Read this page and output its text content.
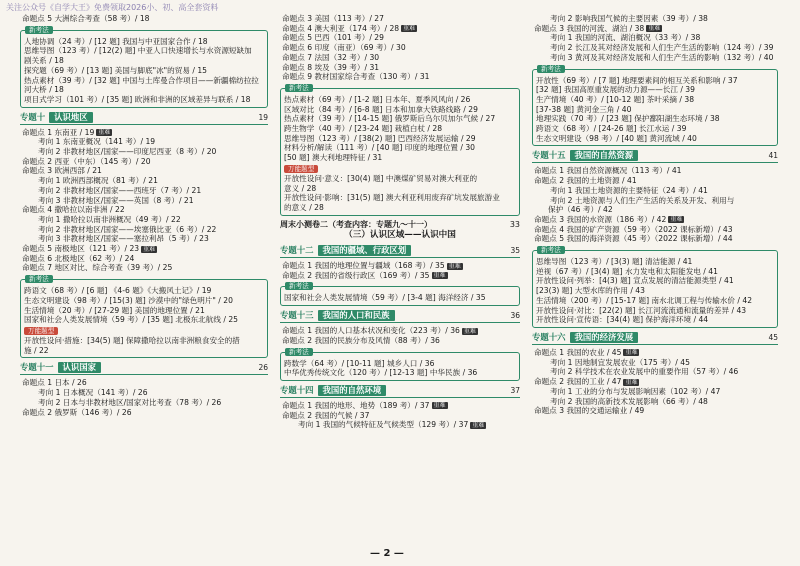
关注公众号《自学大王》免费领取2026小、初、高全套资料
命题点 5 大洲综合考查（58 考）/ 18
新考法
人地协调（24 考）/ [12 题] 我国与中亚国家合作 / 18
思维导图（123 考）/ [12(2) 题] 中亚人口快速增长与水资源短缺加
剧关系 / 18
探究题（69 考）/ [13 题] 美国与脚底"冰"的贸易 / 15
热点素材（39 考）/ [32 题] 中国与土库曼合作项目——新疆棉纺拉拉
河大桥 / 18
项目式学习（101 考）/ [35 题] 欧洲和非洲的区域差异与联系 / 18
专题十	认识地区	19
命题点 1 东南亚 / 19 重难
考向 1 东南亚概况（141 考）/ 19
考向 2 非教材地区/国家——印度尼西亚（8 考）/ 20
命题点 2 西亚（中东）（145 考）/ 20
命题点 3 欧洲西部 / 21
考向 1 欧洲西部概况（81 考）/ 21
考向 2 非教材地区/国家——西班牙（7 考）/ 21
考向 3 非教材地区/国家——英国（8 考）/ 21
命题点 4 撒哈拉以南非洲 / 22
考向 1 撒哈拉以南非洲概况（49 考）/ 22
考向 2 非教材地区/国家——埃塞俄比亚（6 考）/ 22
考向 3 非教材地区/国家——塞拉利昂（5 考）/ 23
命题点 5 南极地区（121 考）/ 23 重难
命题点 6 北极地区（62 考）/ 24
命题点 7 地区对比、综合考查（39 考）/ 25
新考法
跨语文（68 考）/ [6 题] 《4-6 题》《大搬风土记》/ 19
生态文明建设（98 考）/ [15(3) 题] 沙漠中的"绿色明片" / 20
生活情境（20 考）/ [27-29 题] 美国的地理位置 / 21
国家和社会人类发展情境（59 考）/ [35 题] 北极东北航线 / 25
万能题型
开放性设问·措施：[34(5) 题] 保障撒哈拉以南非洲粮食安全的措
施 / 22
专题十一	认识国家	26
命题点 1 日本 / 26
考向 1 日本概况（141 考）/ 26
考向 2 日本与非教材地区/国家对比考查（78 考）/ 26
命题点 2 俄罗斯（146 考）/ 26
命题点 3 美国（113 考）/ 27
命题点 4 澳大利亚（174 考）/ 28 重难
命题点 5 巴西（101 考）/ 29
命题点 6 印度（南亚）（69 考）/ 30
命题点 7 法国（32 考）/ 30
命题点 8 埃及（39 考）/ 31
命题点 9 教材国家综合考查（130 考）/ 31
新考法
热点素材（69 考）/ [1-2 题] 日本年、夏季风风向 / 26
区域对比（84 考）/ [6-8 题] 日本和加拿大铁路线路 / 29
热点素材（39 考）/ [14-15 题] 俄罗斯后乌尔贝加尔气候 / 27
跨生物学（40 考）/ [23-24 题] 栽植白杖 / 28
思维导图（123 考）/ [38(2) 题] 巴西经济发展运输 / 29
材料分析/解读（111 考）/ [40 题] 印度的地理位置 / 30
[50 题] 澳大利地理特征 / 31
万能题型
开放性设问·意义：[30(4) 题] 中澳煤矿贸易对澳大利亚的
意义 / 28
开放性设问·影响：[31(5) 题] 澳大利亚利用废弃矿坑发展旅游业
的意义 / 28
周末小测卷二（考查内容：专题九～十一）	33
（三）认识区域——认识中国
专题十二	我国的疆域、行政区划	35
命题点 1 我国的地理位置与疆域（168 考）/ 35 重难
命题点 2 我国的省级行政区（169 考）/ 35 重难
新考法
国家和社会人类发展情境（59 考）/ [3-4 题] 海洋经济 / 35
专题十三	我国的人口和民族	36
命题点 1 我国的人口基本状况和变化（223 考）/ 36 重难
命题点 2 我国的民族分布及风情（88 考）/ 36
新考法
跨数学（64 考）/ [10-11 题] 城乡人口 / 36
中华优秀传统文化（120 考）/ [12-13 题] 中华民族 / 36
专题十四	我国的自然环境	37
命题点 1 我国的地形、地势（189 考）/ 37 重难
命题点 2 我国的气候 / 37
考向 1 我国的气候特征及气候类型（129 考）/ 37 重难
考向 2 影响我国气候的主要因素（39 考）/ 38
命题点 3 我国的河流、湖泊 / 38 重难
考向 1 我国的河流、湖泊概况（33 考）/ 38
考向 2 长江及其对经济发展和人们生产生活的影响（124 考）/ 39
考向 3 黄河及其对经济发展和人们生产生活的影响（132 考）/ 40
新考法
开放性（69 考）/ [7 题] 地理要素间的相互关系和影响 / 37
[32 题] 我国高原重发展的动力源——长江 / 39
生产情境（40 考）/ [10-12 题] 茶叶采摘 / 38
[37-38 题] 黄河金三角 / 40
地理实践（70 考）/ [23 题] 保护鄱阳湖生态环境 / 38
跨语文（68 考）/ [24-26 题] 长江水运 / 39
生态文明建设（98 考）/ [40 题] 黄河流域 / 40
专题十五	我国的自然资源	41
命题点 1 我国自然资源概况（113 考）/ 41
命题点 2 我国的土地资源 / 41
考向 1 我国土地资源的主要特征（24 考）/ 41
考向 2 土地资源与人们生产生活的关系及开发、利用与
保护（46 考）/ 42
命题点 3 我国的水资源（186 考）/ 42 重难
命题点 4 我国的矿产资源（59 考）（2022 课标新增）/ 43
命题点 5 我国的海洋资源（45 考）（2022 课标新增）/ 44
新考法
思维导图（123 考）/ [3(3) 题] 清洁能源 / 41
逆视（67 考）/ [3(4) 题] 水力发电和太阳能发电 / 41
开放性设问·列举：[4(3) 题] 宣点发展的清洁能源类型 / 41
[23(3) 题] 大型水库的作用 / 43
生活情境（200 考）/ [15-17 题] 南水北调工程与传输水价 / 42
开放性设问·对比：[22(2) 题] 长江河流流通和流量的差异 / 43
开放性设问·宣传语：[34(4) 题] 保护海洋环境 / 44
专题十六	我国的经济发展	45
命题点 1 我国的农业 / 45 重难
考向 1 因地制宜发展农业（175 考）/ 45
考向 2 科学技术在农业发展中的重要作用（57 考）/ 46
命题点 2 我国的工业 / 47 重难
考向 1 工业的分布与发展影响因素（102 考）/ 47
考向 2 我国的高新技术发展影响（66 考）/ 48
命题点 3 我国的交通运输业 / 49
— 2 —
